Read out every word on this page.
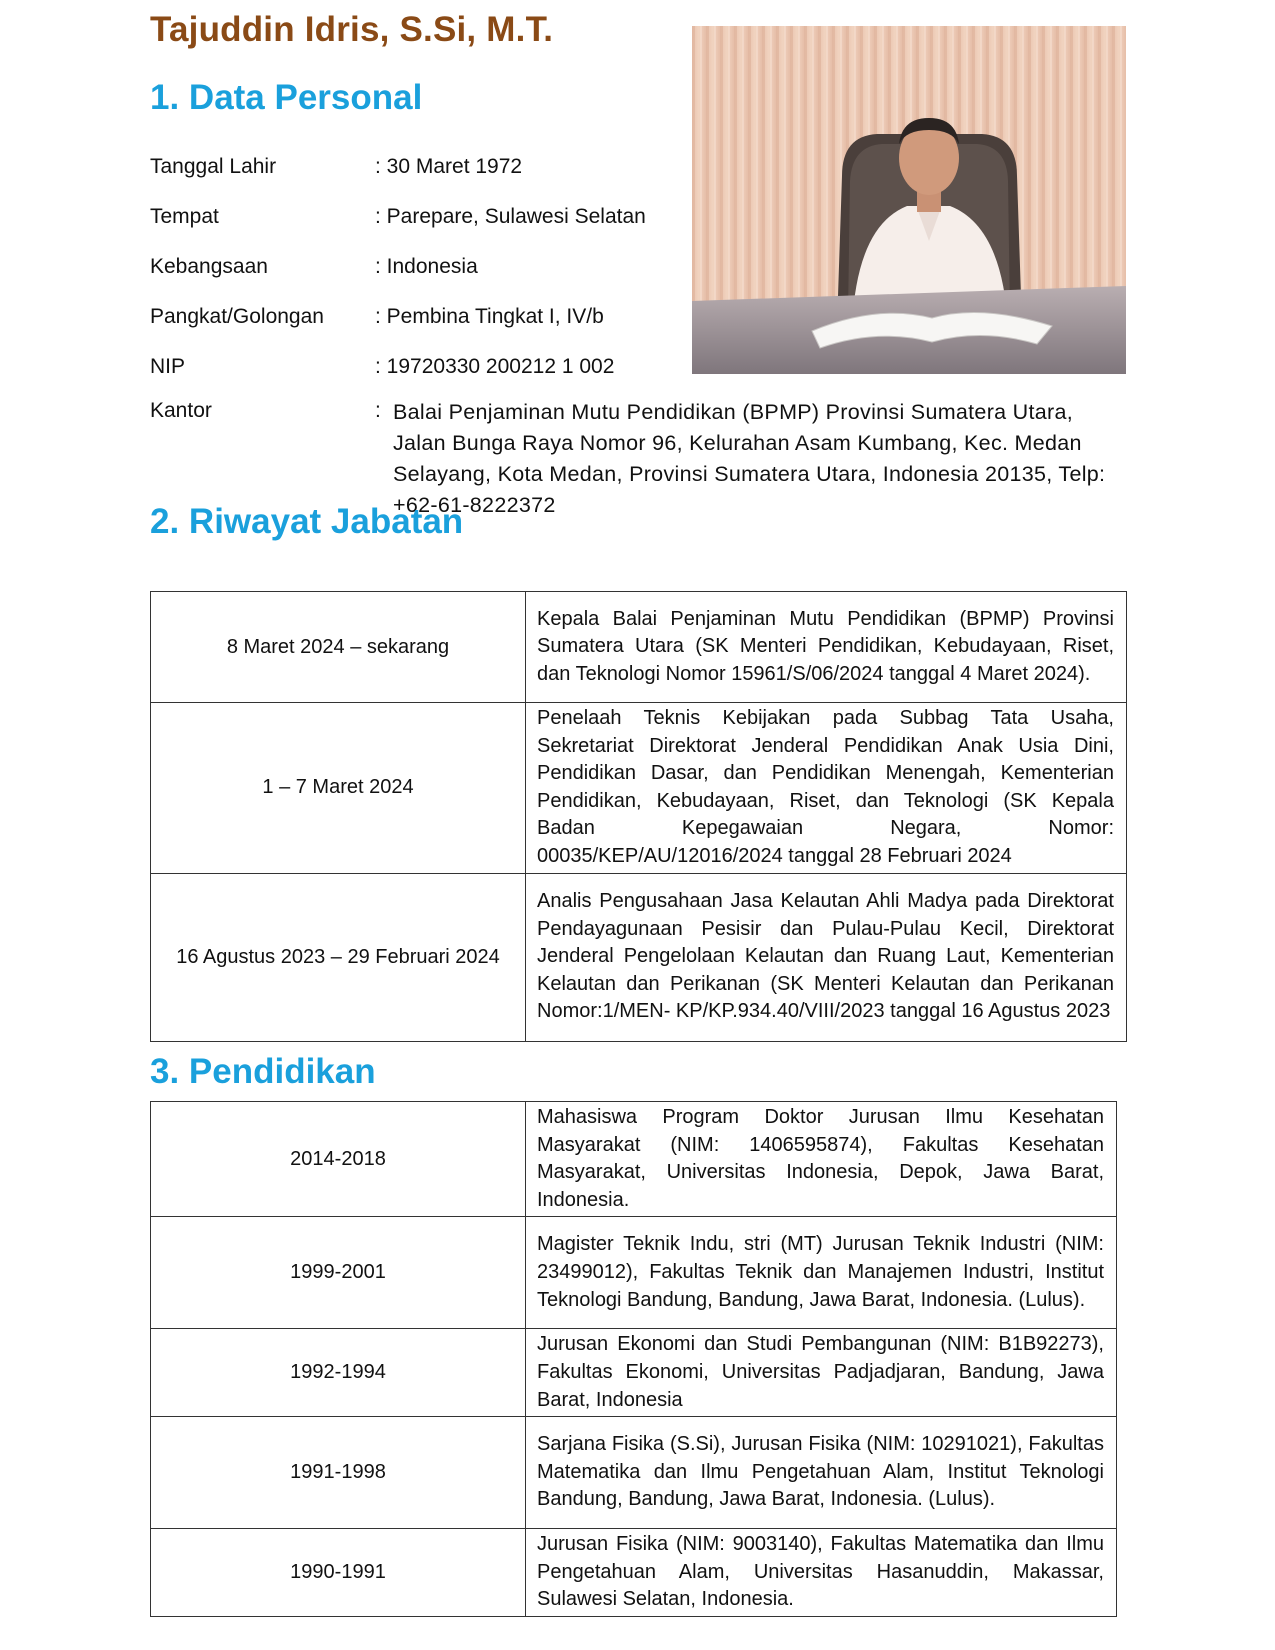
Tajuddin Idris, S.Si, M.T.
1. Data Personal
Tanggal Lahir	: 30 Maret 1972
Tempat	: Parepare, Sulawesi Selatan
Kebangsaan	: Indonesia
Pangkat/Golongan : Pembina Tingkat I, IV/b
NIP	: 19720330 200212 1 002
Kantor	: Balai Penjaminan Mutu Pendidikan (BPMP) Provinsi Sumatera Utara, Jalan Bunga Raya Nomor 96, Kelurahan Asam Kumbang, Kec. Medan Selayang, Kota Medan, Provinsi Sumatera Utara, Indonesia 20135, Telp: +62-61-8222372
2. Riwayat Jabatan
8 Maret 2024 – sekarang	Kepala Balai Penjaminan Mutu Pendidikan (BPMP) Provinsi Sumatera Utara (SK Menteri Pendidikan, Kebudayaan, Riset, dan Teknologi Nomor 15961/S/06/2024 tanggal 4 Maret 2024).
1 – 7 Maret 2024	Penelaah Teknis Kebijakan pada Subbag Tata Usaha, Sekretariat Direktorat Jenderal Pendidikan Anak Usia Dini, Pendidikan Dasar, dan Pendidikan Menengah, Kementerian Pendidikan, Kebudayaan, Riset, dan Teknologi (SK Kepala Badan Kepegawaian Negara, Nomor: 00035/KEP/AU/12016/2024 tanggal 28 Februari 2024
16 Agustus 2023 – 29 Februari 2024	Analis Pengusahaan Jasa Kelautan Ahli Madya pada Direktorat Pendayagunaan Pesisir dan Pulau-Pulau Kecil, Direktorat Jenderal Pengelolaan Kelautan dan Ruang Laut, Kementerian Kelautan dan Perikanan (SK Menteri Kelautan dan Perikanan Nomor:1/MEN- KP/KP.934.40/VIII/2023 tanggal 16 Agustus 2023
3. Pendidikan
2014-2018	Mahasiswa Program Doktor Jurusan Ilmu Kesehatan Masyarakat (NIM: 1406595874), Fakultas Kesehatan Masyarakat, Universitas Indonesia, Depok, Jawa Barat, Indonesia.
1999-2001	Magister Teknik Indu, stri (MT) Jurusan Teknik Industri (NIM: 23499012), Fakultas Teknik dan Manajemen Industri, Institut Teknologi Bandung, Bandung, Jawa Barat, Indonesia. (Lulus).
1992-1994	Jurusan Ekonomi dan Studi Pembangunan (NIM: B1B92273), Fakultas Ekonomi, Universitas Padjadjaran, Bandung, Jawa Barat, Indonesia
1991-1998	Sarjana Fisika (S.Si), Jurusan Fisika (NIM: 10291021), Fakultas Matematika dan Ilmu Pengetahuan Alam, Institut Teknologi Bandung, Bandung, Jawa Barat, Indonesia. (Lulus).
1990-1991	Jurusan Fisika (NIM: 9003140), Fakultas Matematika dan Ilmu Pengetahuan Alam, Universitas Hasanuddin, Makassar, Sulawesi Selatan, Indonesia.
